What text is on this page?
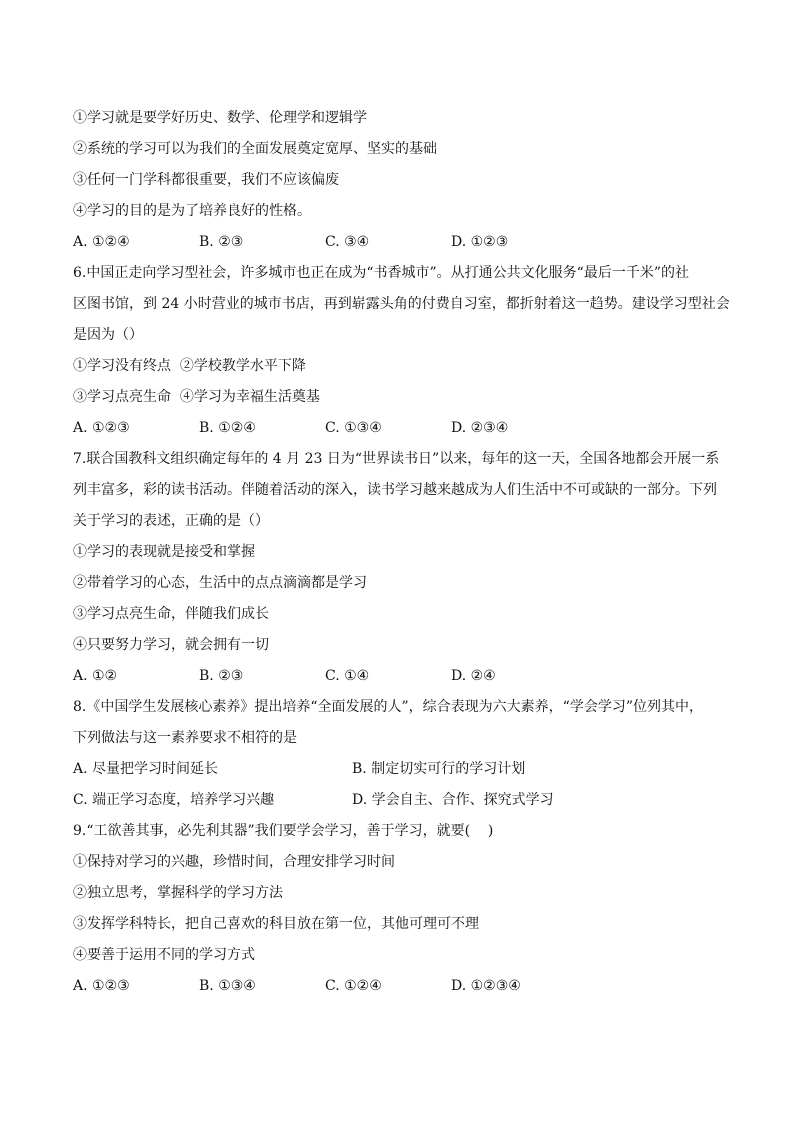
①学习就是要学好历史、数学、伦理学和逻辑学
②系统的学习可以为我们的全面发展奠定宽厚、坚实的基础
③任何一门学科都很重要，我们不应该偏废
④学习的目的是为了培养良好的性格。
A. ①②④	B. ②③	C. ③④	D. ①②③
6.中国正走向学习型社会，许多城市也正在成为“书香城市”。从打通公共文化服务“最后一千米”的社
区图书馆，到 24 小时营业的城市书店，再到崭露头角的付费自习室，都折射着这一趋势。建设学习型社会
是因为（）
①学习没有终点  ②学校教学水平下降
③学习点亮生命  ④学习为幸福生活奠基
A. ①②③	B. ①②④	C. ①③④	D. ②③④
7.联合国教科文组织确定每年的 4 月 23 日为“世界读书日”以来，每年的这一天，全国各地都会开展一系
列丰富多，彩的读书活动。伴随着活动的深入，读书学习越来越成为人们生活中不可或缺的一部分。下列
关于学习的表述，正确的是（）
①学习的表现就是接受和掌握
②带着学习的心态，生活中的点点滴滴都是学习
③学习点亮生命，伴随我们成长
④只要努力学习，就会拥有一切
A. ①②	B. ②③	C. ①④	D. ②④
8.《中国学生发展核心素养》提出培养“全面发展的人”，综合表现为六大素养，“学会学习”位列其中，
下列做法与这一素养要求不相符的是
A. 尽量把学习时间延长	B. 制定切实可行的学习计划
C. 端正学习态度，培养学习兴趣	D. 学会自主、合作、探究式学习
9.“工欲善其事，必先利其器”我们要学会学习，善于学习，就要(    )
①保持对学习的兴趣，珍惜时间，合理安排学习时间
②独立思考，掌握科学的学习方法
③发挥学科特长，把自己喜欢的科目放在第一位，其他可理可不理
④要善于运用不同的学习方式
A. ①②③	B. ①③④	C. ①②④	D. ①②③④
